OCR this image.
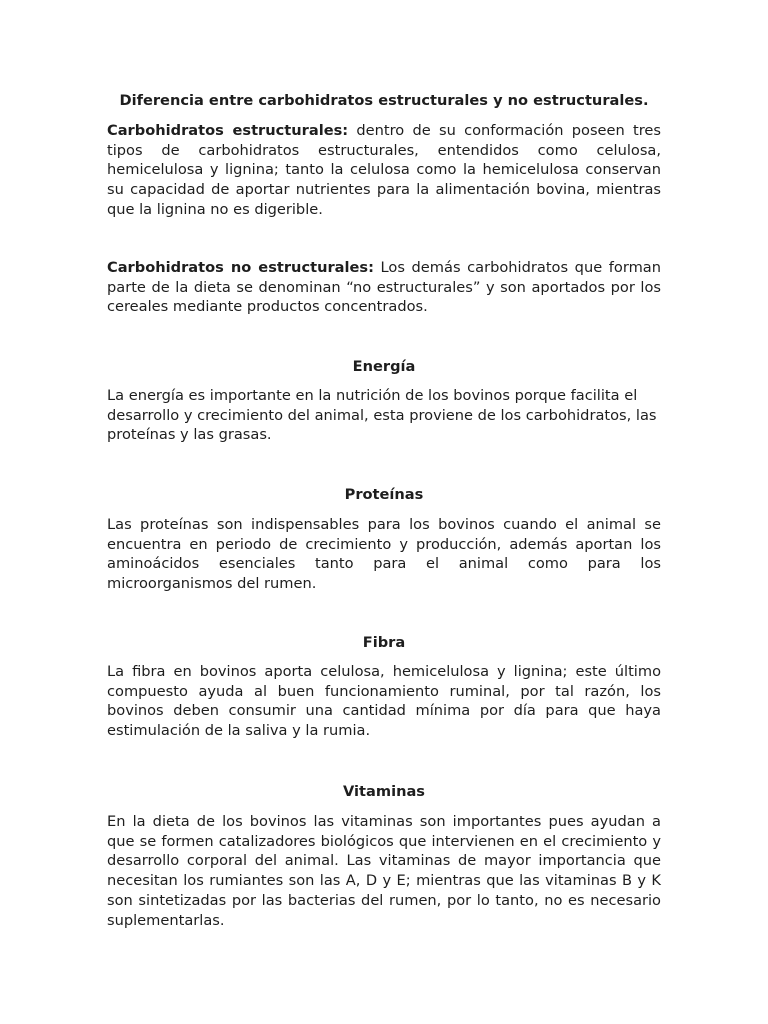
Diferencia entre carbohidratos estructurales y no estructurales.
Carbohidratos estructurales: dentro de su conformación poseen tres tipos de carbohidratos estructurales, entendidos como celulosa, hemicelulosa y lignina; tanto la celulosa como la hemicelulosa conservan su capacidad de aportar nutrientes para la alimentación bovina, mientras que la lignina no es digerible.
Carbohidratos no estructurales: Los demás carbohidratos que forman parte de la dieta se denominan “no estructurales” y son aportados por los cereales mediante productos concentrados.
Energía
La energía es importante en la nutrición de los bovinos porque facilita el desarrollo y crecimiento del animal, esta proviene de los carbohidratos, las proteínas y las grasas.
Proteínas
Las proteínas son indispensables para los bovinos cuando el animal se encuentra en periodo de crecimiento y producción, además aportan los aminoácidos esenciales tanto para el animal como para los microorganismos del rumen.
Fibra
La fibra en bovinos aporta celulosa, hemicelulosa y lignina; este último compuesto ayuda al buen funcionamiento ruminal, por tal razón, los bovinos deben consumir una cantidad mínima por día para que haya estimulación de la saliva y la rumia.
Vitaminas
En la dieta de los bovinos las vitaminas son importantes pues ayudan a que se formen catalizadores biológicos que intervienen en el crecimiento y desarrollo corporal del animal. Las vitaminas de mayor importancia que necesitan los rumiantes son las A, D y E; mientras que las vitaminas B y K son sintetizadas por las bacterias del rumen, por lo tanto, no es necesario suplementarlas.
